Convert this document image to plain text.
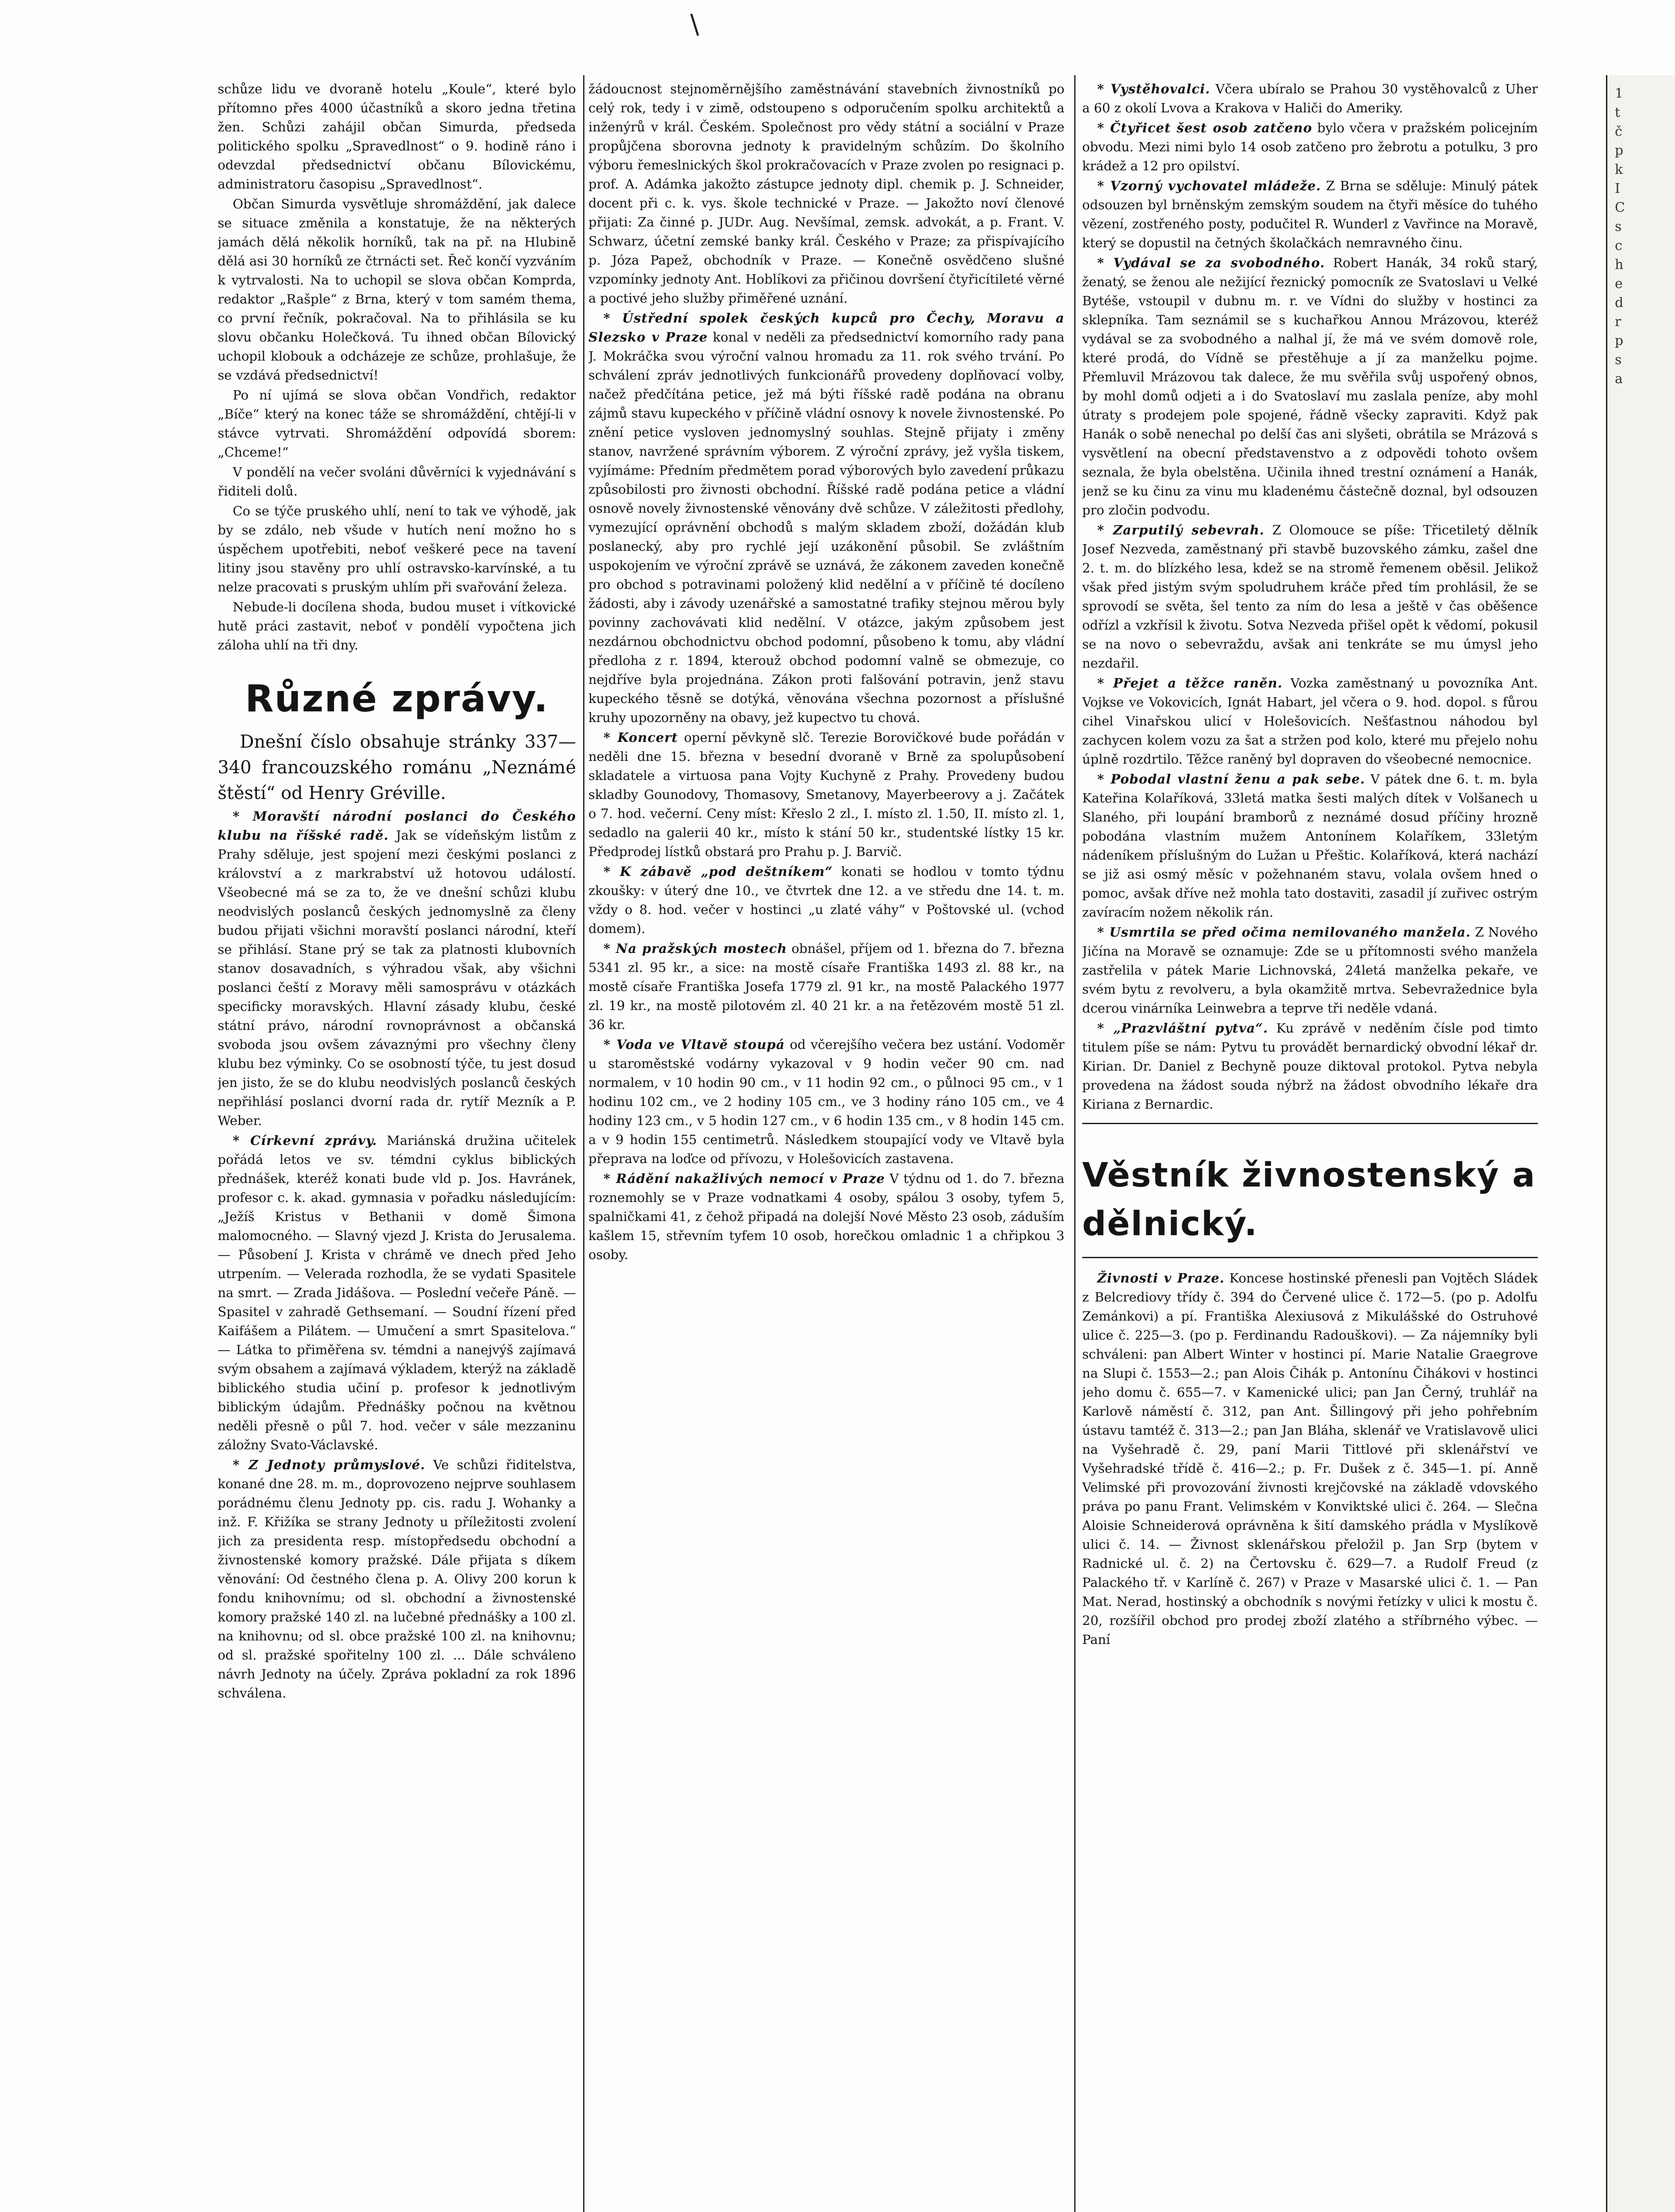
\

schůze lidu ve dvoraně hotelu „Koule“, které bylo přítomno přes 4000 účastníků a skoro jedna třetina žen. Schůzi zahájil občan Simurda, předseda politického spolku „Spravedlnost“ o 9. hodině ráno i odevzdal předsednictví občanu Bílovickému, administratoru časopisu „Spravedlnost“.

Občan Simurda vysvětluje shromáždění, jak dalece se situace změnila a konstatuje, že na některých jamách dělá několik horníků, tak na př. na Hlubině dělá asi 30 horníků ze čtrnácti set. Řeč končí vyzváním k vytrvalosti. Na to uchopil se slova občan Komprda, redaktor „Rašple“ z Brna, který v tom samém thema, co první řečník, pokračoval. Na to přihlásila se ku slovu občanku Holečková. Tu ihned občan Bílovický uchopil klobouk a odcházeje ze schůze, prohlašuje, že se vzdává předsednictví!

Po ní ujímá se slova občan Vondřich, redaktor „Bíče“ který na konec táže se shromáždění, chtějí-li v stávce vytrvati. Shromáždění odpovídá sborem: „Chceme!“

V pondělí na večer svoláni důvěrníci k vyjednávání s řiditeli dolů.

Co se týče pruského uhlí, není to tak ve výhodě, jak by se zdálo, neb všude v hutích není možno ho s úspěchem upotřebiti, neboť veškeré pece na tavení litiny jsou stavěny pro uhlí ostravsko-karvínské, a tu nelze pracovati s pruským uhlím při svařování železa.

Nebude-li docílena shoda, budou muset i vítkovické hutě práci zastavit, neboť v pondělí vypočtena jich záloha uhlí na tři dny.

Různé zprávy.

Dnešní číslo obsahuje stránky 337—340 francouzského románu „Neznámé štěstí“ od Henry Gréville.

* Moravští národní poslanci do Českého klubu na říšské radě. Jak se vídeňským listům z Prahy sděluje, jest spojení mezi českými poslanci z království a z markrabství už hotovou událostí. Všeobecné má se za to, že ve dnešní schůzi klubu neodvislých poslanců českých jednomyslně za členy budou přijati všichni moravští poslanci národní, kteří se přihlásí. Stane prý se tak za platnosti klubovních stanov dosavadních, s výhradou však, aby všichni poslanci čeští z Moravy měli samosprávu v otázkách specificky moravských. Hlavní zásady klubu, české státní právo, národní rovnoprávnost a občanská svoboda jsou ovšem závaznými pro všechny členy klubu bez výminky. Co se osobností týče, tu jest dosud jen jisto, že se do klubu neodvislých poslanců českých nepřihlásí poslanci dvorní rada dr. rytíř Mezník a P. Weber.

* Církevní zprávy. Mariánská družina učitelek pořádá letos ve sv. témdni cyklus biblických přednášek, kteréž konati bude vld p. Jos. Havránek, profesor c. k. akad. gymnasia v pořadku následujícím: „Ježíš Kristus v Bethanii v domě Šimona malomocného. — Slavný vjezd J. Krista do Jerusalema. — Působení J. Krista v chrámě ve dnech před Jeho utrpením. — Velerada rozhodla, že se vydati Spasitele na smrt. — Zrada Jidášova. — Poslední večeře Páně. — Spasitel v zahradě Gethsemaní. — Soudní řízení před Kaifášem a Pilátem. — Umučení a smrt Spasitelova.“ — Látka to přiměřena sv. témdni a nanejvýš zajímavá svým obsahem a zajímavá výkladem, kterýž na základě biblického studia učiní p. profesor k jednotlivým biblickým údajům. Přednášky počnou na květnou neděli přesně o půl 7. hod. večer v sále mezzaninu záložny Svato-Václavské.

* Z Jednoty průmyslové. Ve schůzi řiditelstva, konané dne 28. m. m., doprovozeno nejprve souhlasem porádnému členu Jednoty pp. cis. radu J. Wohanky a inž. F. Křižíka se strany Jednoty u příležitosti zvolení jich za presidenta resp. místopředsedu obchodní a živnostenské komory pražské. Dále přijata s díkem věnování: Od čestného člena p. A. Olivy 200 korun k fondu knihovnímu; od sl. obchodní a živnostenské komory pražské 140 zl. na lučebné přednášky a 100 zl. na knihovnu; od sl. obce pražské 100 zl. na knihovnu; od sl. pražské spořitelny 100 zl. ... Dále schváleno návrh Jednoty na účely. Zpráva pokladní za rok 1896 schválena.

žádoucnost stejnoměrnějšího zaměstnávání stavebních živnostníků po celý rok, tedy i v zimě, odstoupeno s odporučením spolku architektů a inženýrů v král. Českém. Společnost pro vědy státní a sociální v Praze propůjčena sborovna jednoty k pravidelným schůzím. Do školního výboru řemeslnických škol prokračovacích v Praze zvolen po resignaci p. prof. A. Adámka jakožto zástupce jednoty dipl. chemik p. J. Schneider, docent při c. k. vys. škole technické v Praze. — Jakožto noví členové přijati: Za činné p. JUDr. Aug. Nevšímal, zemsk. advokát, a p. Frant. V. Schwarz, účetní zemské banky král. Českého v Praze; za přispívajícího p. Józa Papež, obchodník v Praze. — Konečně osvědčeno slušné vzpomínky jednoty Ant. Hoblíkovi za přičinou dovršení čtyřicítileté věrné a poctivé jeho služby přiměřené uznání.

* Ústřední spolek českých kupců pro Čechy, Moravu a Slezsko v Praze konal v neděli za předsednictví komorního rady pana J. Mokráčka svou výroční valnou hromadu za 11. rok svého trvání. Po schválení zpráv jednotlivých funkcionářů provedeny doplňovací volby, načež předčítána petice, jež má býti říšské radě podána na obranu zájmů stavu kupeckého v příčině vládní osnovy k novele živnostenské. Po znění petice vysloven jednomyslný souhlas. Stejně přijaty i změny stanov, navržené správním výborem. Z výroční zprávy, jež vyšla tiskem, vyjímáme: Předním předmětem porad výborových bylo zavedení průkazu způsobilosti pro živnosti obchodní. Říšské radě podána petice a vládní osnově novely živnostenské věnovány dvě schůze. V záležitosti předlohy, vymezující oprávnění obchodů s malým skladem zboží, dožádán klub poslanecký, aby pro rychlé její uzákonění působil. Se zvláštním uspokojením ve výroční zprávě se uznává, že zákonem zaveden konečně pro obchod s potravinami položený klid nedělní a v příčině té docíleno žádosti, aby i závody uzenářské a samostatné trafiky stejnou měrou byly povinny zachovávati klid nedělní. V otázce, jakým způsobem jest nezdárnou obchodnictvu obchod podomní, působeno k tomu, aby vládní předloha z r. 1894, kterouž obchod podomní valně se obmezuje, co nejdříve byla projednána. Zákon proti falšování potravin, jenž stavu kupeckého těsně se dotýká, věnována všechna pozornost a příslušné kruhy upozorněny na obavy, jež kupectvo tu chová.

* Koncert operní pěvkyně slč. Terezie Borovičkové bude pořádán v neděli dne 15. března v besední dvoraně v Brně za spolupůsobení skladatele a virtuosa pana Vojty Kuchyně z Prahy. Provedeny budou skladby Gounodovy, Thomasovy, Smetanovy, Mayerbeerovy a j. Začátek o 7. hod. večerní. Ceny míst: Křeslo 2 zl., I. místo zl. 1.50, II. místo zl. 1, sedadlo na galerii 40 kr., místo k stání 50 kr., studentské lístky 15 kr. Předprodej lístků obstará pro Prahu p. J. Barvič.

* K zábavě „pod deštníkem“ konati se hodlou v tomto týdnu zkoušky: v úterý dne 10., ve čtvrtek dne 12. a ve středu dne 14. t. m. vždy o 8. hod. večer v hostinci „u zlaté váhy“ v Poštovské ul. (vchod domem).

* Na pražských mostech obnášel, příjem od 1. března do 7. března 5341 zl. 95 kr., a sice: na mostě císaře Františka 1493 zl. 88 kr., na mostě císaře Františka Josefa 1779 zl. 91 kr., na mostě Palackého 1977 zl. 19 kr., na mostě pilotovém zl. 40 21 kr. a na řetězovém mostě 51 zl. 36 kr.

* Voda ve Vltavě stoupá od včerejšího večera bez ustání. Vodoměr u staroměstské vodárny vykazoval v 9 hodin večer 90 cm. nad normalem, v 10 hodin 90 cm., v 11 hodin 92 cm., o půlnoci 95 cm., v 1 hodinu 102 cm., ve 2 hodiny 105 cm., ve 3 hodiny ráno 105 cm., ve 4 hodiny 123 cm., v 5 hodin 127 cm., v 6 hodin 135 cm., v 8 hodin 145 cm. a v 9 hodin 155 centimetrů. Následkem stoupající vody ve Vltavě byla přeprava na loďce od přívozu, v Holešovicích zastavena.

* Rádění nakažlivých nemocí v Praze V týdnu od 1. do 7. března roznemohly se v Praze vodnatkami 4 osoby, spálou 3 osoby, tyfem 5, spalničkami 41, z čehož připadá na dolejší Nové Město 23 osob, záduším kašlem 15, střevním tyfem 10 osob, horečkou omladnic 1 a chřipkou 3 osoby.

* Vystěhovalci. Včera ubíralo se Prahou 30 vystěhovalců z Uher a 60 z okolí Lvova a Krakova v Haliči do Ameriky.

* Čtyřicet šest osob zatčeno bylo včera v pražském policejním obvodu. Mezi nimi bylo 14 osob zatčeno pro žebrotu a potulku, 3 pro krádež a 12 pro opilství.

* Vzorný vychovatel mládeže. Z Brna se sděluje: Minulý pátek odsouzen byl brněnským zemským soudem na čtyři měsíce do tuhého vězení, zostřeného posty, podučitel R. Wunderl z Vavřince na Moravě, který se dopustil na četných školačkách nemravného činu.

* Vydával se za svobodného. Robert Hanák, 34 roků starý, ženatý, se ženou ale nežijící řeznický pomocník ze Svatoslavi u Velké Bytéše, vstoupil v dubnu m. r. ve Vídni do služby v hostinci za sklepníka. Tam seznámil se s kuchařkou Annou Mrázovou, kteréž vydával se za svobodného a nalhal jí, že má ve svém domově role, které prodá, do Vídně se přestěhuje a jí za manželku pojme. Přemluvil Mrázovou tak dalece, že mu svěřila svůj uspořený obnos, by mohl domů odjeti a i do Svatoslaví mu zaslala peníze, aby mohl útraty s prodejem pole spojené, řádně všecky zapraviti. Když pak Hanák o sobě nenechal po delší čas ani slyšeti, obrátila se Mrázová s vysvětlení na obecní představenstvo a z odpovědi tohoto ovšem seznala, že byla obelstěna. Učinila ihned trestní oznámení a Hanák, jenž se ku činu za vinu mu kladenému částečně doznal, byl odsouzen pro zločin podvodu.

* Zarputilý sebevrah. Z Olomouce se píše: Třicetiletý dělník Josef Nezveda, zaměstnaný při stavbě buzovského zámku, zašel dne 2. t. m. do blízkého lesa, kdež se na stromě řemenem oběsil. Jelikož však před jistým svým spoludruhem kráče před tím prohlásil, že se sprovodí se světa, šel tento za ním do lesa a ještě v čas oběšence odřízl a vzkřísil k životu. Sotva Nezveda přišel opět k vědomí, pokusil se na novo o sebevraždu, avšak ani tenkráte se mu úmysl jeho nezdařil.

* Přejet a těžce raněn. Vozka zaměstnaný u povozníka Ant. Vojkse ve Vokovicích, Ignát Habart, jel včera o 9. hod. dopol. s fůrou cihel Vinařskou ulicí v Holešovicích. Nešťastnou náhodou byl zachycen kolem vozu za šat a stržen pod kolo, které mu přejelo nohu úplně rozdrtilo. Těžce raněný byl dopraven do všeobecné nemocnice.

* Pobodal vlastní ženu a pak sebe. V pátek dne 6. t. m. byla Kateřina Kolaříková, 33letá matka šesti malých dítek v Volšanech u Slaného, při loupání bramborů z neznámé dosud příčiny hrozně pobodána vlastním mužem Antonínem Kolaříkem, 33letým nádeníkem příslušným do Lužan u Přeštic. Kolaříková, která nachází se již asi osmý měsíc v požehnaném stavu, volala ovšem hned o pomoc, avšak dříve než mohla tato dostaviti, zasadil jí zuřivec ostrým zavíracím nožem několik rán.

* Usmrtila se před očima nemilovaného manžela. Z Nového Jičína na Moravě se oznamuje: Zde se u přítomnosti svého manžela zastřelila v pátek Marie Lichnovská, 24letá manželka pekaře, ve svém bytu z revolveru, a byla okamžitě mrtva. Sebevražednice byla dcerou vinárníka Leinwebra a teprve tři neděle vdaná.

* „Prazvláštní pytva“. Ku zprávě v neděním čísle pod timto titulem píše se nám: Pytvu tu provádět bernardický obvodní lékař dr. Kirian. Dr. Daniel z Bechyně pouze diktoval protokol. Pytva nebyla provedena na žádost souda nýbrž na žádost obvodního lékaře dra Kiriana z Bernardic.

Věstník živnostenský a dělnický.

Živnosti v Praze. Koncese hostinské přenesli pan Vojtěch Sládek z Belcrediovy třídy č. 394 do Červené ulice č. 172—5. (po p. Adolfu Zemánkovi) a pí. Františka Alexiusová z Mikulášské do Ostruhové ulice č. 225—3. (po p. Ferdinandu Radouškovi). — Za nájemníky byli schváleni: pan Albert Winter v hostinci pí. Marie Natalie Graegrove na Slupi č. 1553—2.; pan Alois Čihák p. Antonínu Čihákovi v hostinci jeho domu č. 655—7. v Kamenické ulici; pan Jan Černý, truhlář na Karlově náměstí č. 312, pan Ant. Šillingový při jeho pohřebním ústavu tamtéž č. 313—2.; pan Jan Bláha, sklenář ve Vratislavově ulici na Vyšehradě č. 29, paní Marii Tittlové při sklenářství ve Vyšehradské třídě č. 416—2.; p. Fr. Dušek z č. 345—1. pí. Anně Velimské při provozování živnosti krejčovské na základě vdovského práva po panu Frant. Velimském v Konviktské ulici č. 264. — Slečna Aloisie Schneiderová oprávněna k šití damského prádla v Myslíkově ulici č. 14. — Živnost sklenářskou přeložil p. Jan Srp (bytem v Radnické ul. č. 2) na Čertovsku č. 629—7. a Rudolf Freud (z Palackého tř. v Karlíně č. 267) v Praze v Masarské ulici č. 1. — Pan Mat. Nerad, hostinský a obchodník s novými řetízky v ulici k mostu č. 20, rozšířil obchod pro prodej zboží zlatého a stříbrného výbec. — Paní

1
t
č
p
k
I
C
s
c
h
e
d
r
p
s
a
